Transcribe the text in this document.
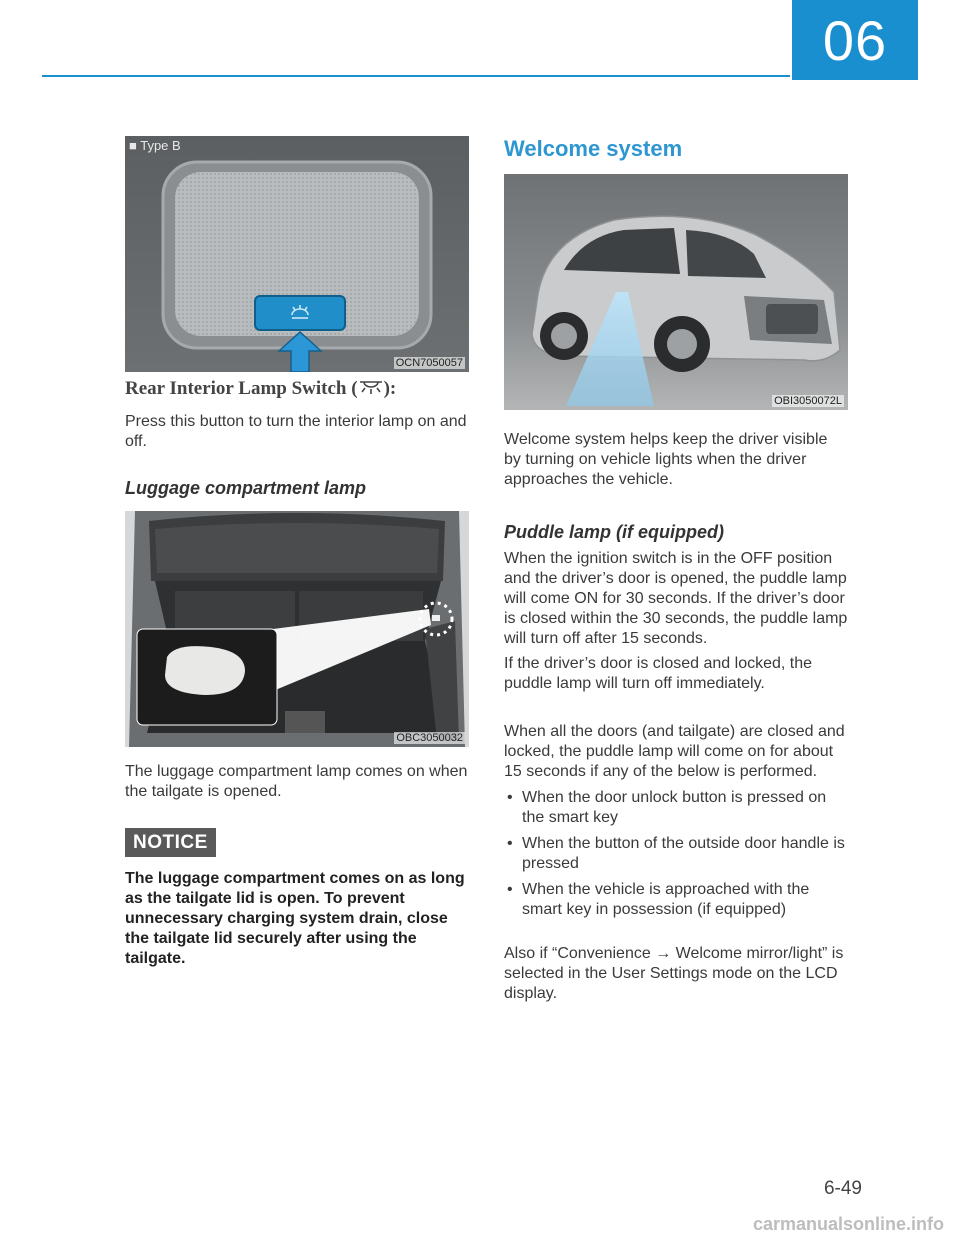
06
■ Type B
OCN7050057
Rear Interior Lamp Switch ( ):

Press this button to turn the interior lamp on and off.

Luggage compartment lamp
OBC3050032

The luggage compartment lamp comes on when the tailgate is opened.

NOTICE

The luggage compartment comes on as long as the tailgate lid is open. To prevent unnecessary charging system drain, close the tailgate lid securely after using the tailgate.

Welcome system
OBI3050072L

Welcome system helps keep the driver visible by turning on vehicle lights when the driver approaches the vehicle.

Puddle lamp (if equipped)

When the ignition switch is in the OFF position and the driver’s door is opened, the puddle lamp will come ON for 30 seconds. If the driver’s door is closed within the 30 seconds, the puddle lamp will turn off after 15 seconds.

If the driver’s door is closed and locked, the puddle lamp will turn off immediately.

When all the doors (and tailgate) are closed and locked, the puddle lamp will come on for about 15 seconds if any of the below is performed.

• When the door unlock button is pressed on the smart key
• When the button of the outside door handle is pressed
• When the vehicle is approached with the smart key in possession (if equipped)

Also if “Convenience → Welcome mirror/light” is selected in the User Settings mode on the LCD display.

6-49
carmanualsonline.info
